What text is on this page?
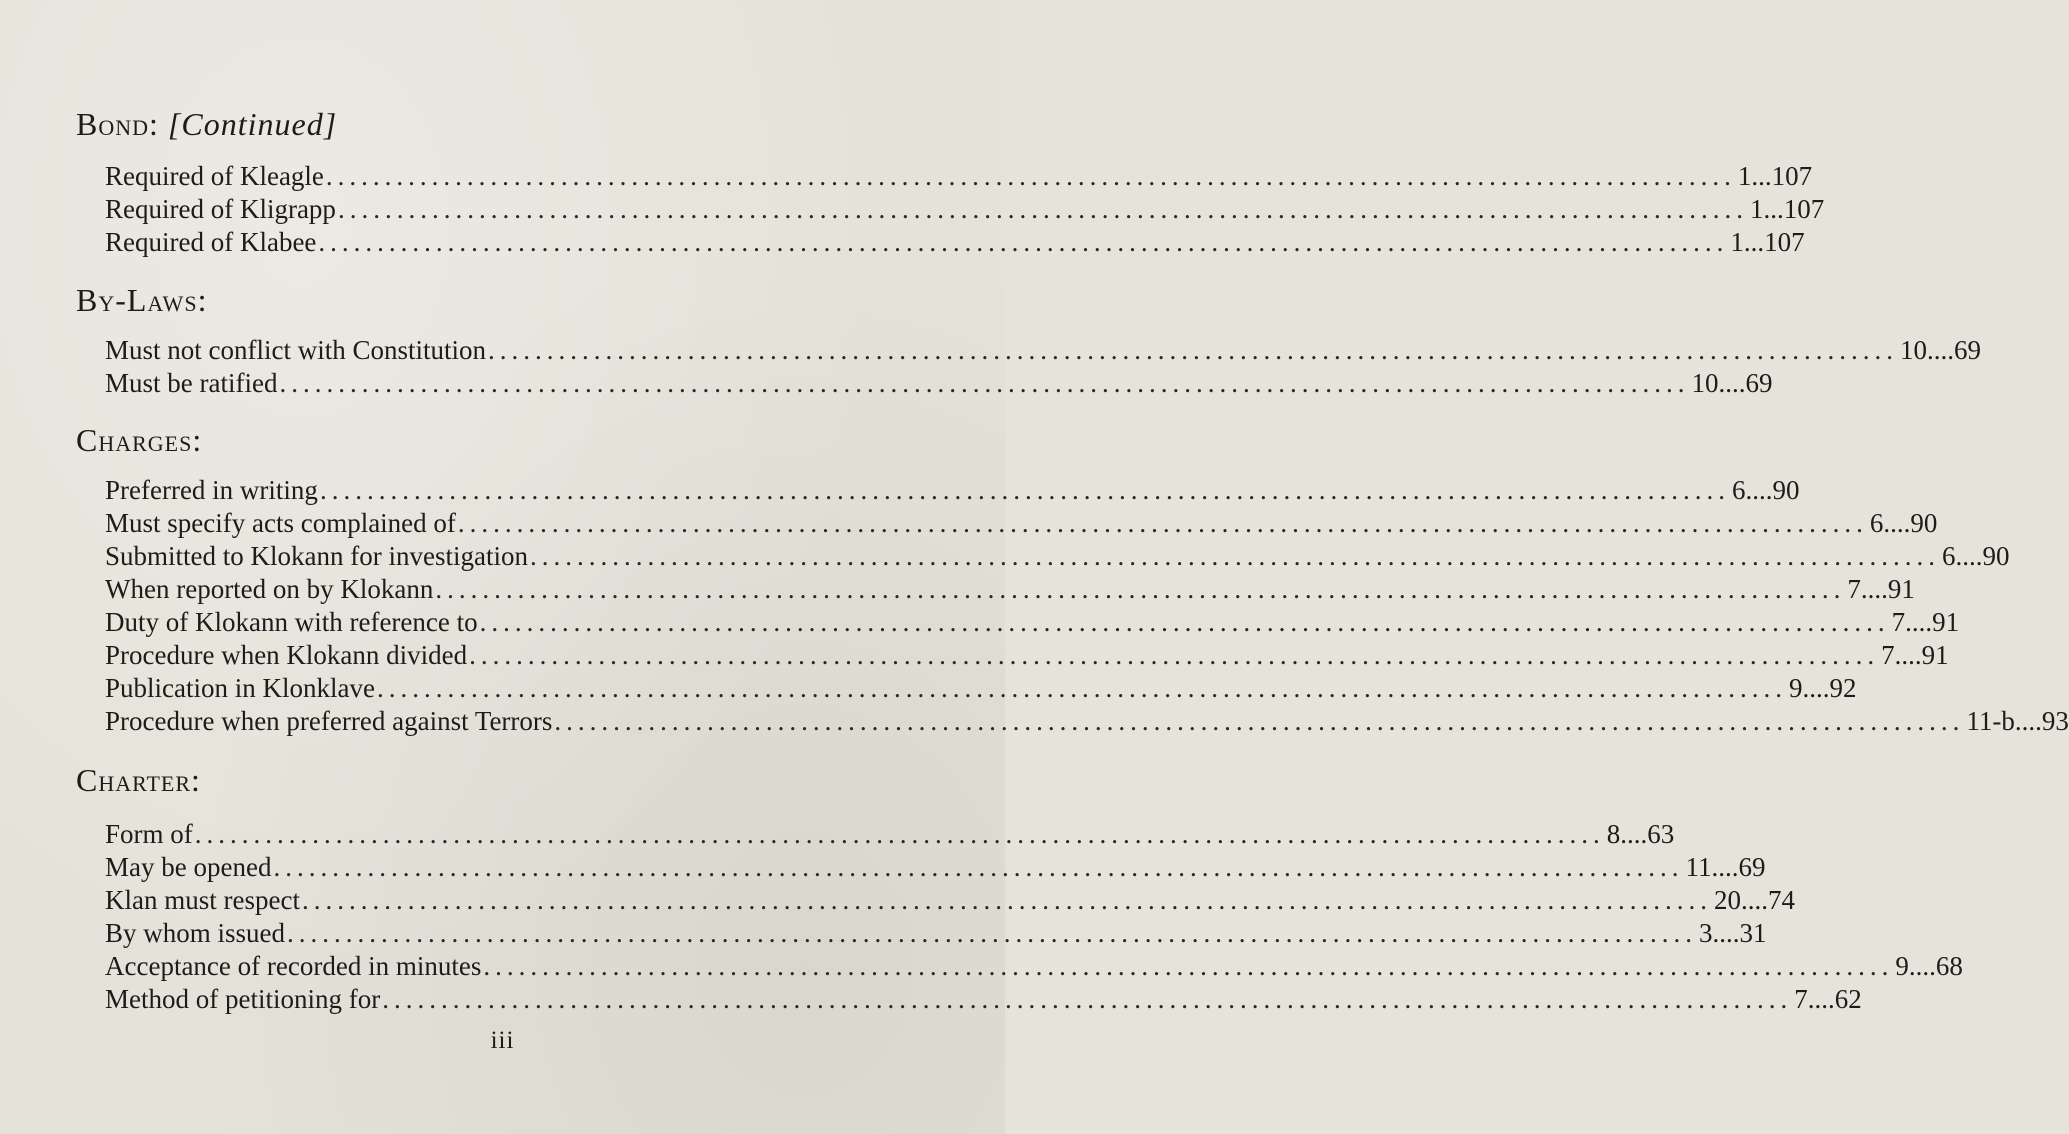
Bond: [Continued]
Required of Kleagle ........................................................................................................................ 1...107
Required of Kligrapp ........................................................................................................................ 1...107
Required of Klabee ........................................................................................................................ 1...107
By-Laws:
Must not conflict with Constitution ........................................................................................................................ 10....69
Must be ratified ........................................................................................................................ 10....69
Charges:
Preferred in writing ........................................................................................................................ 6....90
Must specify acts complained of ........................................................................................................................ 6....90
Submitted to Klokann for investigation ........................................................................................................................ 6....90
When reported on by Klokann ........................................................................................................................ 7....91
Duty of Klokann with reference to ........................................................................................................................ 7....91
Procedure when Klokann divided ........................................................................................................................ 7....91
Publication in Klonklave ........................................................................................................................ 9....92
Procedure when preferred against Terrors ........................................................................................................................ 11-b....93
Charter:
Form of ........................................................................................................................ 8....63
May be opened ........................................................................................................................ 11....69
Klan must respect ........................................................................................................................ 20....74
By whom issued ........................................................................................................................ 3....31
Acceptance of recorded in minutes ........................................................................................................................ 9....68
Method of petitioning for ........................................................................................................................ 7....62
iii
